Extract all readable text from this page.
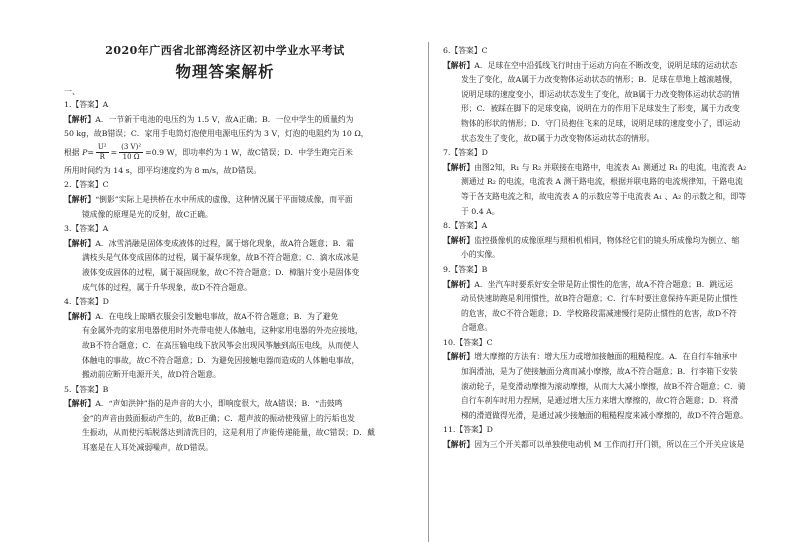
2020年广西省北部湾经济区初中学业水平考试
物理答案解析
一、

1.【答案】A

【解析】A．一节新干电池的电压约为 1.5 V，故A正确；B．一位中学生的质量约为

50 kg，故B错误；C．家用手电筒灯泡使用电源电压约为 3 V，灯泡的电阻约为 10 Ω，

根据 $P= \frac{\text{U²}}{R} = \frac{\text{(3 V)²}}{10 \Omega} =0.9$ W，即功率约为 1 W，故C错误；D．中学生跑完百米

所用时间约为 14 s，即平均速度约为 8 m/s，故D错误。

2.【答案】C

【解析】“倒影”实际上是拱桥在水中所成的虚像，这种情况属于平面镜成像，而平面

镜成像的原理是光的反射，故C正确。

3.【答案】A

【解析】A．冰雪消融是固体变成液体的过程，属于熔化现象，故A符合题意；B．霜

满枝头是气体变成固体的过程，属于凝华现象，故B不符合题意；C．滴水成冰是

液体变成固体的过程，属于凝固现象，故C不符合题意；D．樟脑片变小是固体变

成气体的过程，属于升华现象，故D不符合题意。

4.【答案】D

【解析】A．在电线上晾晒衣服会引发触电事故，故A不符合题意；B．为了避免

有金属外壳的家用电器使用时外壳带电使人体触电，这种家用电器的外壳应接地，

故B不符合题意；C．在高压输电线下放风筝会出现风筝触到高压电线，从而使人

体触电的事故，故C不符合题意；D．为避免因接触电器而造成的人体触电事故，

搬动前应断开电源开关，故D符合题意。

5.【答案】B

【解析】A．“声如洪钟”指的是声音的大小，即响度很大，故A错误；B．“击鼓鸣

金”的声音由鼓面振动产生的，故B正确；C．超声波的振动使残留上的污垢也发

生振动，从而使污垢脱落达到清洗目的，这是利用了声能传递能量，故C错误；D．戴

耳塞是在人耳处减弱噪声，故D错误。

6.【答案】C

【解析】A．足球在空中沿弧线飞行时由于运动方向在不断改变，说明足球的运动状态

发生了变化，故A属于力改变物体运动状态的情形；B．足球在草地上越滚越慢，

说明足球的速度变小，即运动状态发生了变化，故B属于力改变物体运动状态的情

形；C．被踩在脚下的足球变扁，说明在力的作用下足球发生了形变，属于力改变

物体的形状的情形；D．守门员抱住飞来的足球，说明足球的速度变小了，即运动

状态发生了变化，故D属于力改变物体运动状态的情形。

7.【答案】D

【解析】由图2知，R₁ 与 R₂ 并联接在电路中，电流表 A₁ 测通过 R₁ 的电流，电流表 A₂

测通过 R₂ 的电流，电流表 A 测干路电流，根据并联电路的电流规律知，干路电流

等于各支路电流之和，故电流表 A 的示数应等于电流表 A₁ 、A₂ 的示数之和，即等

于 0.4 A。

8.【答案】A

【解析】监控摄像机的成像原理与照相机相同，物体经它们的镜头所成像均为倒立、缩

小的实像。

9.【答案】B

【解析】A．坐汽车时要系好安全带是防止惯性的危害，故A不符合题意；B．跳远运

动员快速助跑是利用惯性，故B符合题意；C．行车时要注意保持车距是防止惯性

的危害，故C不符合题意；D．学校路段需减速慢行是防止惯性的危害，故D不符

合题意。

10.【答案】C

【解析】增大摩擦的方法有：增大压力或增加接触面的粗糙程度。A．在自行车轴承中

加润滑油，是为了使接触面分离而减小摩擦，故A不符合题意；B．行李箱下安装

滚动轮子，是变滑动摩擦为滚动摩擦，从而大大减小摩擦，故B不符合题意；C．骑

自行车刹车时用力捏闸，是通过增大压力来增大摩擦的，故C符合题意；D．将滑

梯的滑道做得光滑，是通过减少接触面的粗糙程度来减小摩擦的，故D不符合题意。

11.【答案】D

【解析】因为三个开关都可以单独使电动机 M 工作而打开门锁，所以在三个开关应该是
